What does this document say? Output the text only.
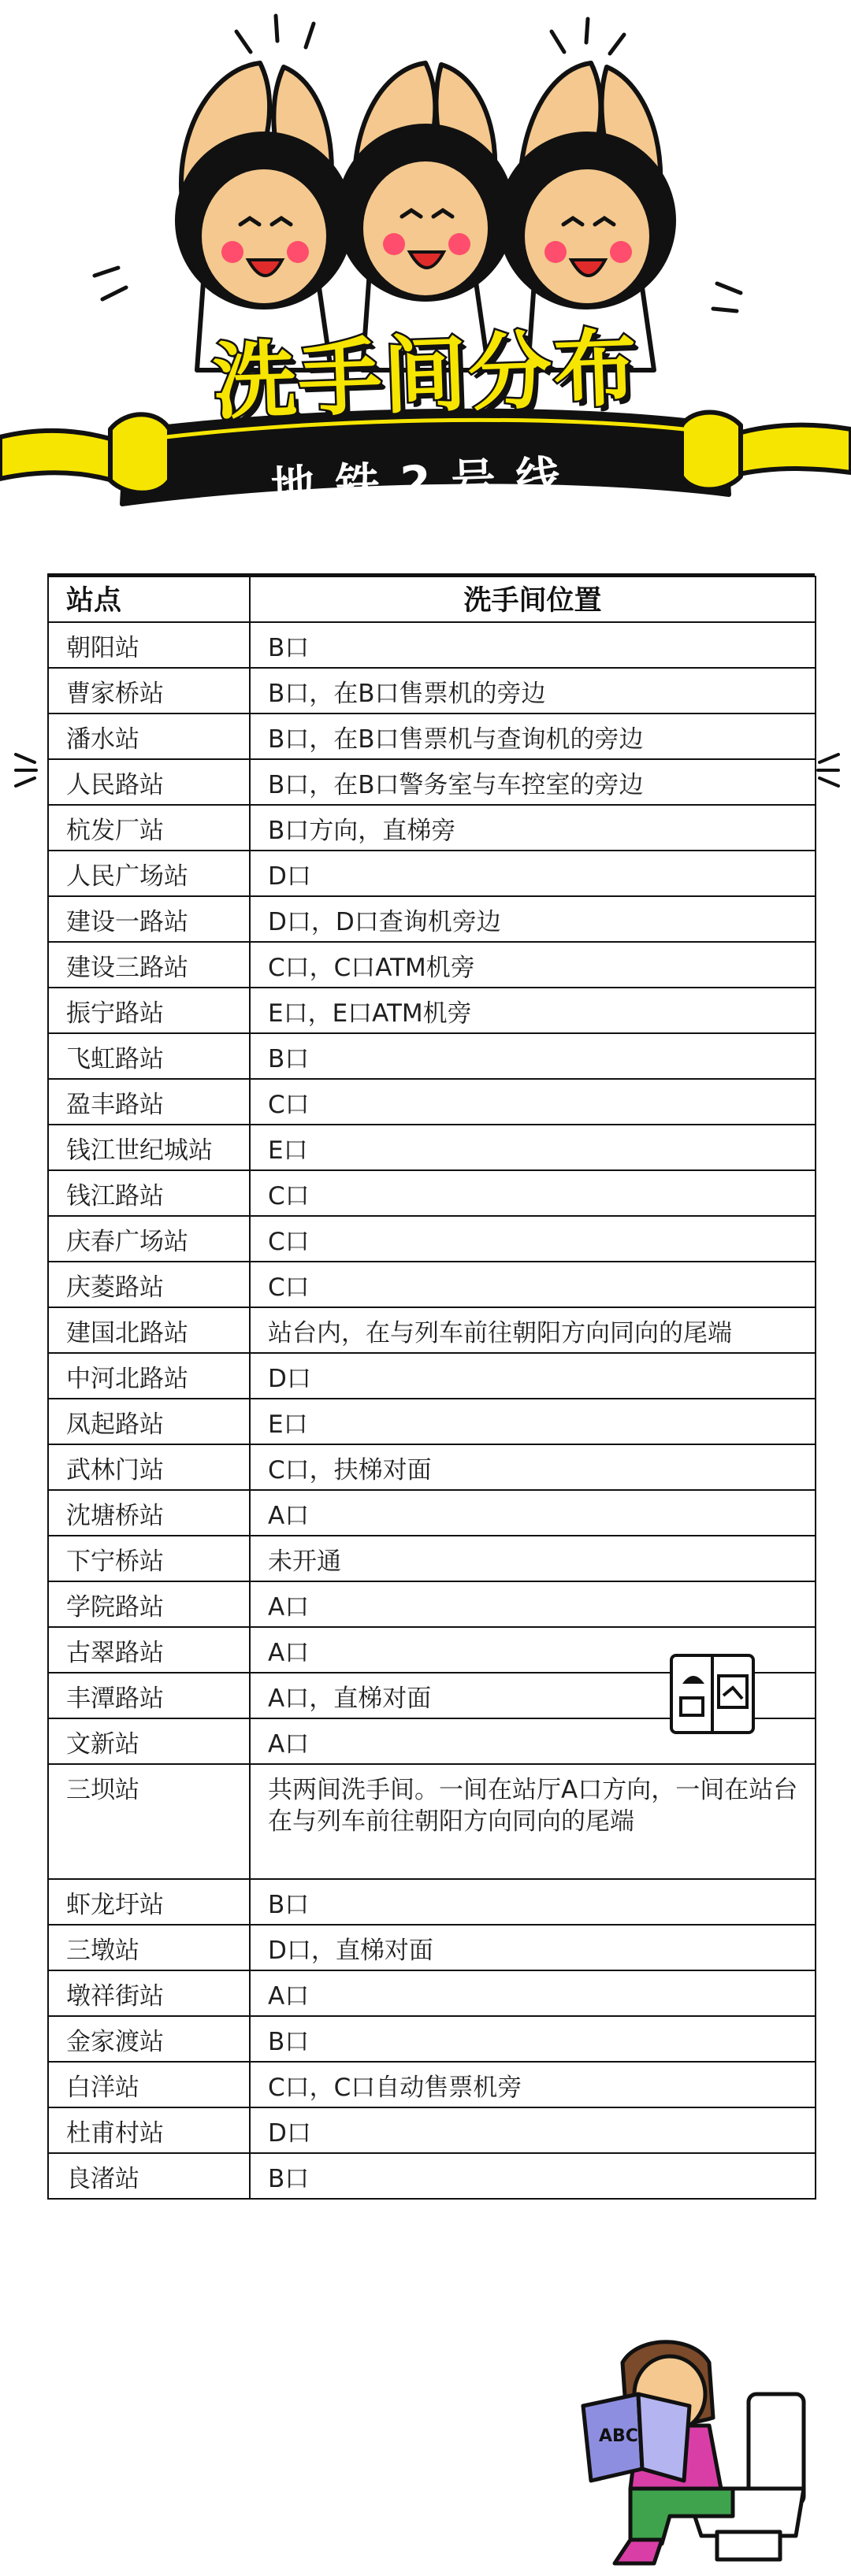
洗手间分布
地铁2号线
站点	洗手间位置
朝阳站	B口
曹家桥站	B口，在B口售票机的旁边
潘水站	B口，在B口售票机与查询机的旁边
人民路站	B口，在B口警务室与车控室的旁边
杭发厂站	B口方向，直梯旁
人民广场站	D口
建设一路站	D口，D口查询机旁边
建设三路站	C口，C口ATM机旁
振宁路站	E口，E口ATM机旁
飞虹路站	B口
盈丰路站	C口
钱江世纪城站	E口
钱江路站	C口
庆春广场站	C口
庆菱路站	C口
建国北路站	站台内，在与列车前往朝阳方向同向的尾端
中河北路站	D口
凤起路站	E口
武林门站	C口，扶梯对面
沈塘桥站	A口
下宁桥站	未开通
学院路站	A口
古翠路站	A口
丰潭路站	A口，直梯对面
文新站	A口
三坝站	共两间洗手间。一间在站厅A口方向，一间在站台在与列车前往朝阳方向同向的尾端
虾龙圩站	B口
三墩站	D口，直梯对面
墩祥街站	A口
金家渡站	B口
白洋站	C口，C口自动售票机旁
杜甫村站	D口
良渚站	B口
ABC
